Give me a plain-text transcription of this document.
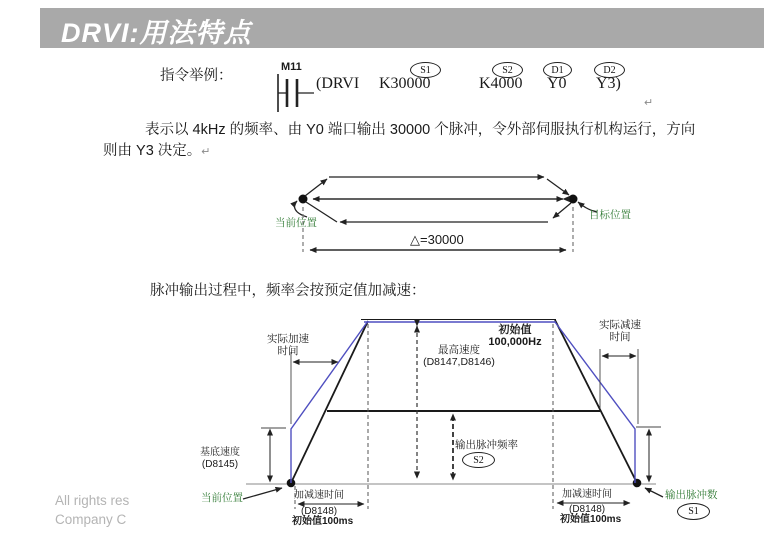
DRVI:用法特点
指令举例：
M11
(DRVI K30000	K4000 Y0 Y3)
S1	S2	D1	D2
↵
表示以 4kHz 的频率、由 Y0 端口输出 30000 个脉冲，令外部伺服执行机构运行，方向
则由 Y3 决定。↵
当前位置
目标位置
△=30000
脉冲输出过程中，频率会按预定值加减速：
实际加速
时间
实际减速
时间
最高速度
(D8147,D8146)
初始值
100,000Hz
基底速度
(D8145)
输出脉冲频率
S2
当前位置	加减速时间
(D8148)
初始值100ms
加减速时间
(D8148)
初始值100ms
输出脉冲数
S1
All rights res
Company C
